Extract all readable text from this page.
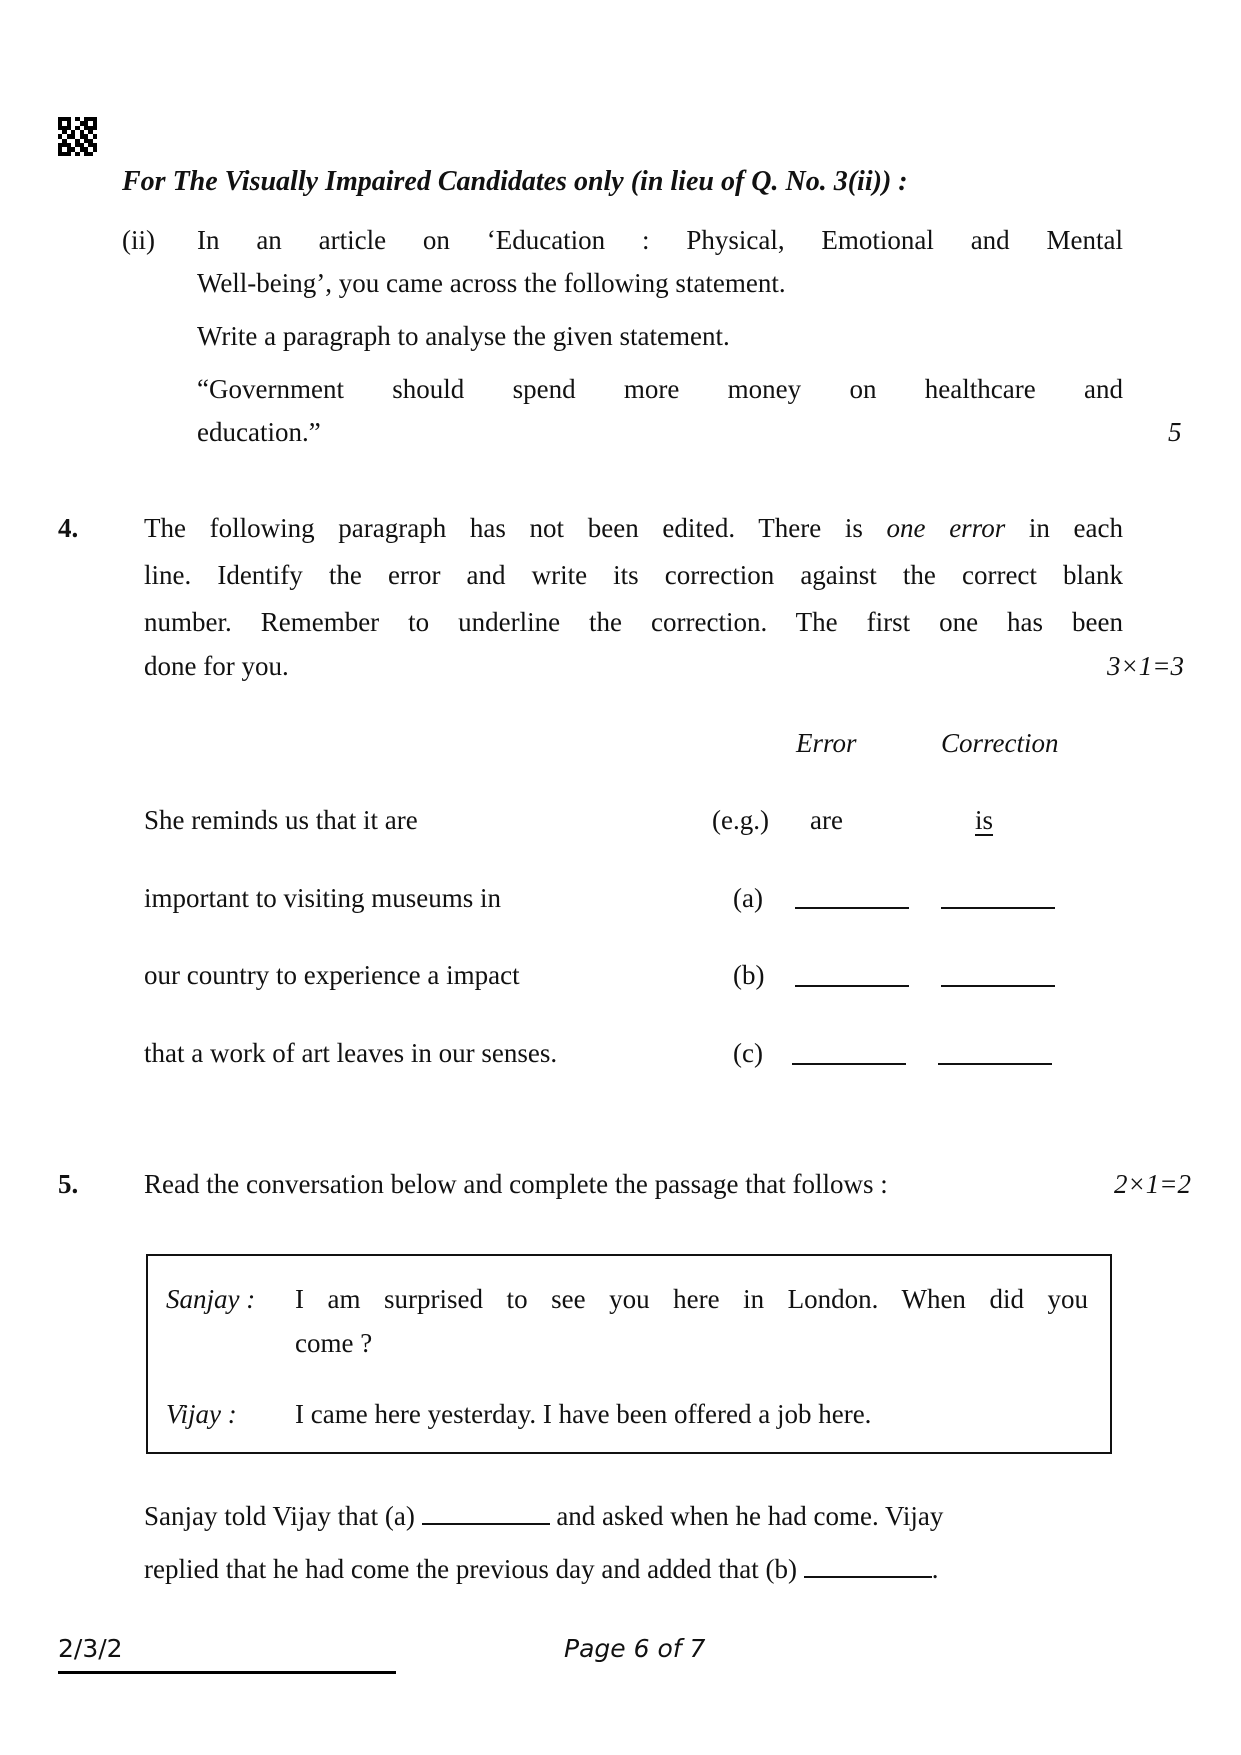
For The Visually Impaired Candidates only (in lieu of Q. No. 3(ii)) :
(ii) In an article on ‘Education : Physical, Emotional and Mental
Well-being’, you came across the following statement.
Write a paragraph to analyse the given statement.
“Government should spend more money on healthcare and
education.”	5
4. The following paragraph has not been edited. There is one error in each
line. Identify the error and write its correction against the correct blank
number. Remember to underline the correction. The first one has been
done for you.	3×1=3
Error	Correction
She reminds us that it are	(e.g.) are	is
important to visiting museums in	(a)
our country to experience a impact	(b)
that a work of art leaves in our senses.	(c)
5. Read the conversation below and complete the passage that follows :	2×1=2
Sanjay : I am surprised to see you here in London. When did you
come ?
Vijay : I came here yesterday. I have been offered a job here.
Sanjay told Vijay that (a)	and asked when he had come. Vijay
replied that he had come the previous day and added that (b)	.
2/3/2	Page 6 of 7
